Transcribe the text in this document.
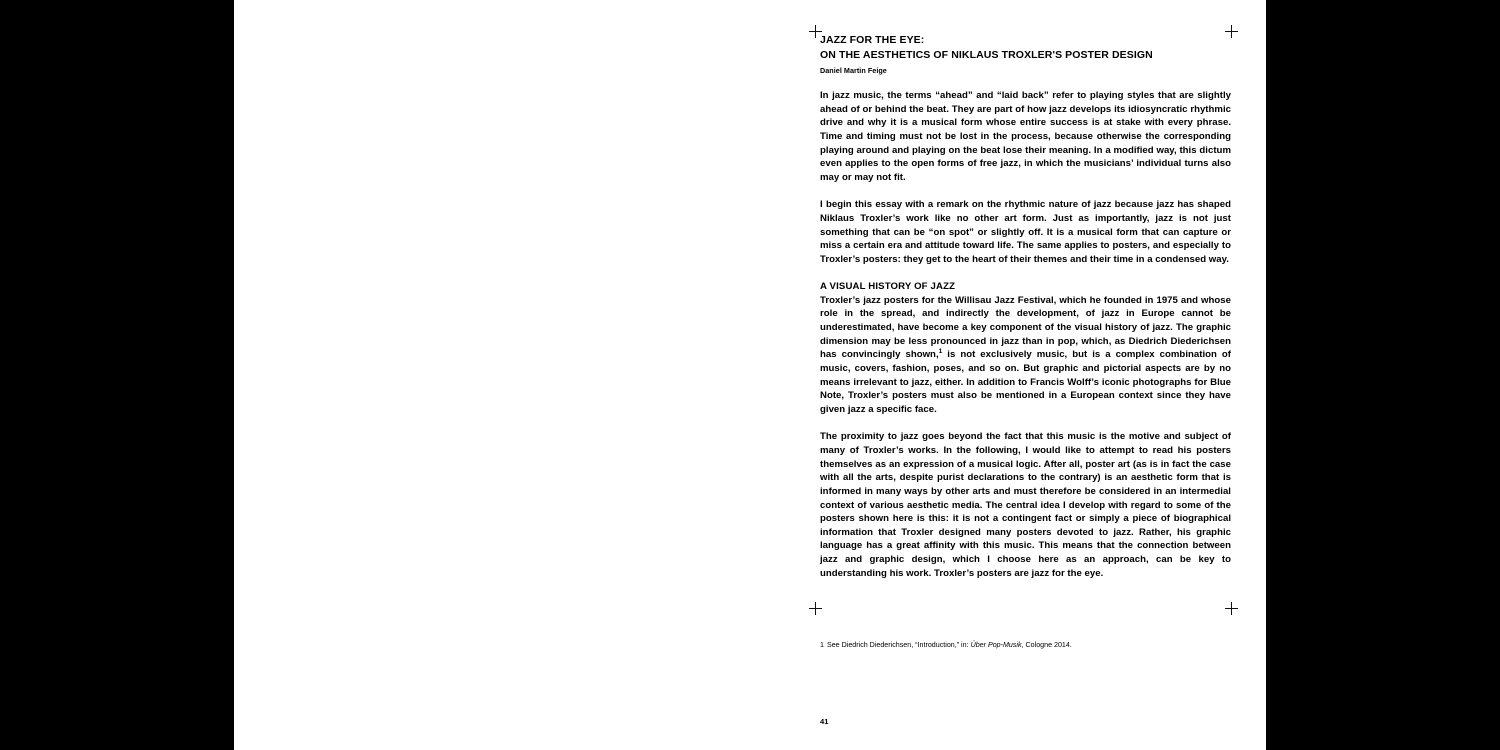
JAZZ FOR THE EYE:
ON THE AESTHETICS OF NIKLAUS TROXLER'S POSTER DESIGN
Daniel Martin Feige

In jazz music, the terms “ahead” and “laid back” refer to playing styles that are slightly ahead of or behind the beat. They are part of how jazz develops its idiosyncratic rhythmic drive and why it is a musical form whose entire success is at stake with every phrase. Time and timing must not be lost in the process, because otherwise the corresponding playing around and playing on the beat lose their meaning. In a modified way, this dictum even applies to the open forms of free jazz, in which the musicians’ individual turns also may or may not fit.

I begin this essay with a remark on the rhythmic nature of jazz because jazz has shaped Niklaus Troxler’s work like no other art form. Just as importantly, jazz is not just something that can be “on spot” or slightly off. It is a musical form that can capture or miss a certain era and attitude toward life. The same applies to posters, and especially to Troxler’s posters: they get to the heart of their themes and their time in a condensed way.

A VISUAL HISTORY OF JAZZ

Troxler’s jazz posters for the Willisau Jazz Festival, which he founded in 1975 and whose role in the spread, and indirectly the development, of jazz in Europe cannot be underestimated, have become a key component of the visual history of jazz. The graphic dimension may be less pronounced in jazz than in pop, which, as Diedrich Diederichsen has convincingly shown,$^1$ is not exclusively music, but is a complex combination of music, covers, fashion, poses, and so on. But graphic and pictorial aspects are by no means irrelevant to jazz, either. In addition to Francis Wolff’s iconic photographs for Blue Note, Troxler’s posters must also be mentioned in a European context since they have given jazz a specific face.

The proximity to jazz goes beyond the fact that this music is the motive and subject of many of Troxler’s works. In the following, I would like to attempt to read his posters themselves as an expression of a musical logic. After all, poster art (as is in fact the case with all the arts, despite purist declarations to the contrary) is an aesthetic form that is informed in many ways by other arts and must therefore be considered in an intermedial context of various aesthetic media. The central idea I develop with regard to some of the posters shown here is this: it is not a contingent fact or simply a piece of biographical information that Troxler designed many posters devoted to jazz. Rather, his graphic language has a great affinity with this music. This means that the connection between jazz and graphic design, which I choose here as an approach, can be key to understanding his work. Troxler’s posters are jazz for the eye.

1 See Diedrich Diederichsen, “Introduction,” in: Über Pop-Musik, Cologne 2014.
41
